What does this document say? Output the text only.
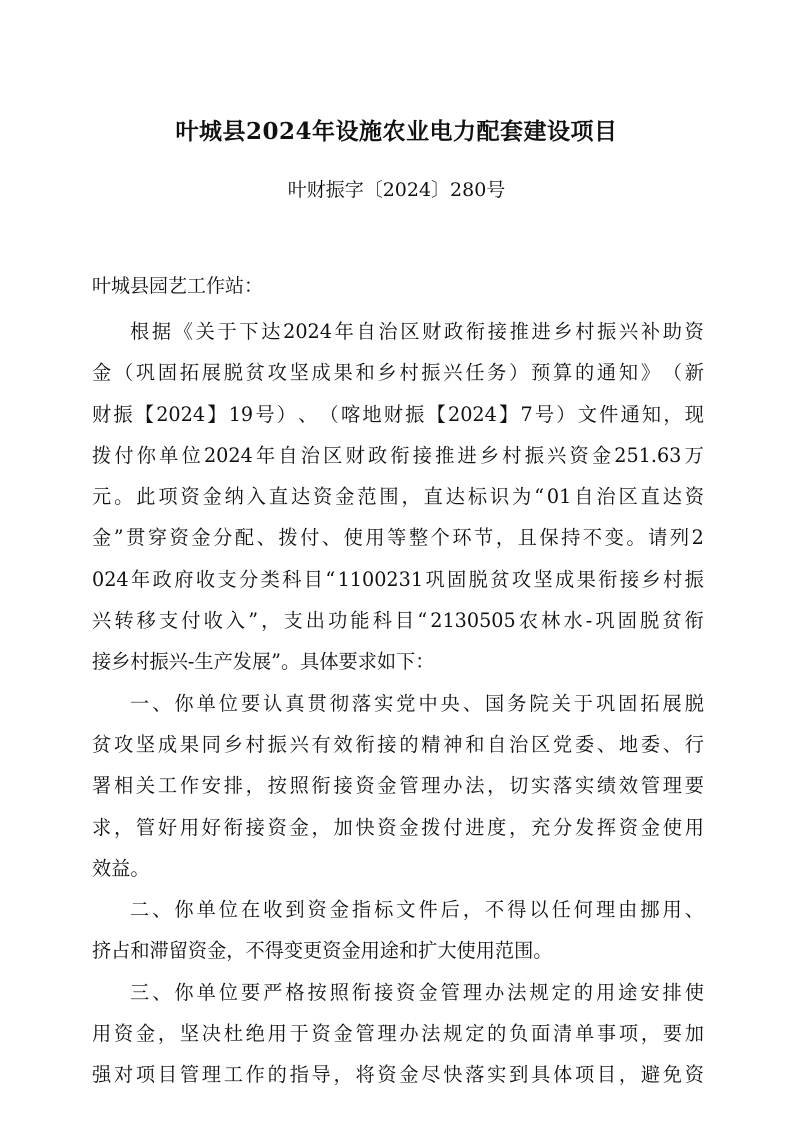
叶城县2024年设施农业电力配套建设项目

叶财振字〔2024〕280号

叶城县园艺工作站：

根 据 《 关 于 下 达 2024 年 自 治 区 财 政 衔 接 推 进 乡 村 振 兴 补 助 资
金 （ 巩 固 拓 展 脱 贫 攻 坚 成 果 和 乡 村 振 兴 任 务 ） 预 算 的 通 知 》 （ 新
财 振 【 2024 】 19 号 ） 、 （ 喀 地 财 振 【 2024 】 7 号 ） 文 件 通 知 ， 现
拨 付 你 单 位 2024 年 自 治 区 财 政 衔 接 推 进 乡 村 振 兴 资 金 251.63 万
元 。 此 项 资 金 纳 入 直 达 资 金 范 围 ， 直 达 标 识 为 “ 01 自 治 区 直 达 资
金 ” 贯 穿 资 金 分 配 、 拨 付 、 使 用 等 整 个 环 节 ， 且 保 持 不 变 。 请 列 2
024 年 政 府 收 支 分 类 科 目 “ 1100231 巩 固 脱 贫 攻 坚 成 果 衔 接 乡 村 振
兴 转 移 支 付 收 入 ” ， 支 出 功 能 科 目 “ 2130505 农 林 水 - 巩 固 脱 贫 衔
接乡村振兴-生产发展”。具体要求如下：
一 、 你 单 位 要 认 真 贯 彻 落 实 党 中 央 、 国 务 院 关 于 巩 固 拓 展 脱
贫 攻 坚 成 果 同 乡 村 振 兴 有 效 衔 接 的 精 神 和 自 治 区 党 委 、 地 委 、 行
署 相 关 工 作 安 排 ， 按 照 衔 接 资 金 管 理 办 法 ， 切 实 落 实 绩 效 管 理 要
求 ， 管 好 用 好 衔 接 资 金 ， 加 快 资 金 拨 付 进 度 ， 充 分 发 挥 资 金 使 用
效益。
二 、 你 单 位 在 收 到 资 金 指 标 文 件 后 ， 不 得 以 任 何 理 由 挪 用 、
挤占和滞留资金，不得变更资金用途和扩大使用范围。
三 、 你 单 位 要 严 格 按 照 衔 接 资 金 管 理 办 法 规 定 的 用 途 安 排 使
用 资 金 ， 坚 决 杜 绝 用 于 资 金 管 理 办 法 规 定 的 负 面 清 单 事 项 ， 要 加
强 对 项 目 管 理 工 作 的 指 导 ， 将 资 金 尽 快 落 实 到 具 体 项 目 ， 避 免 资
